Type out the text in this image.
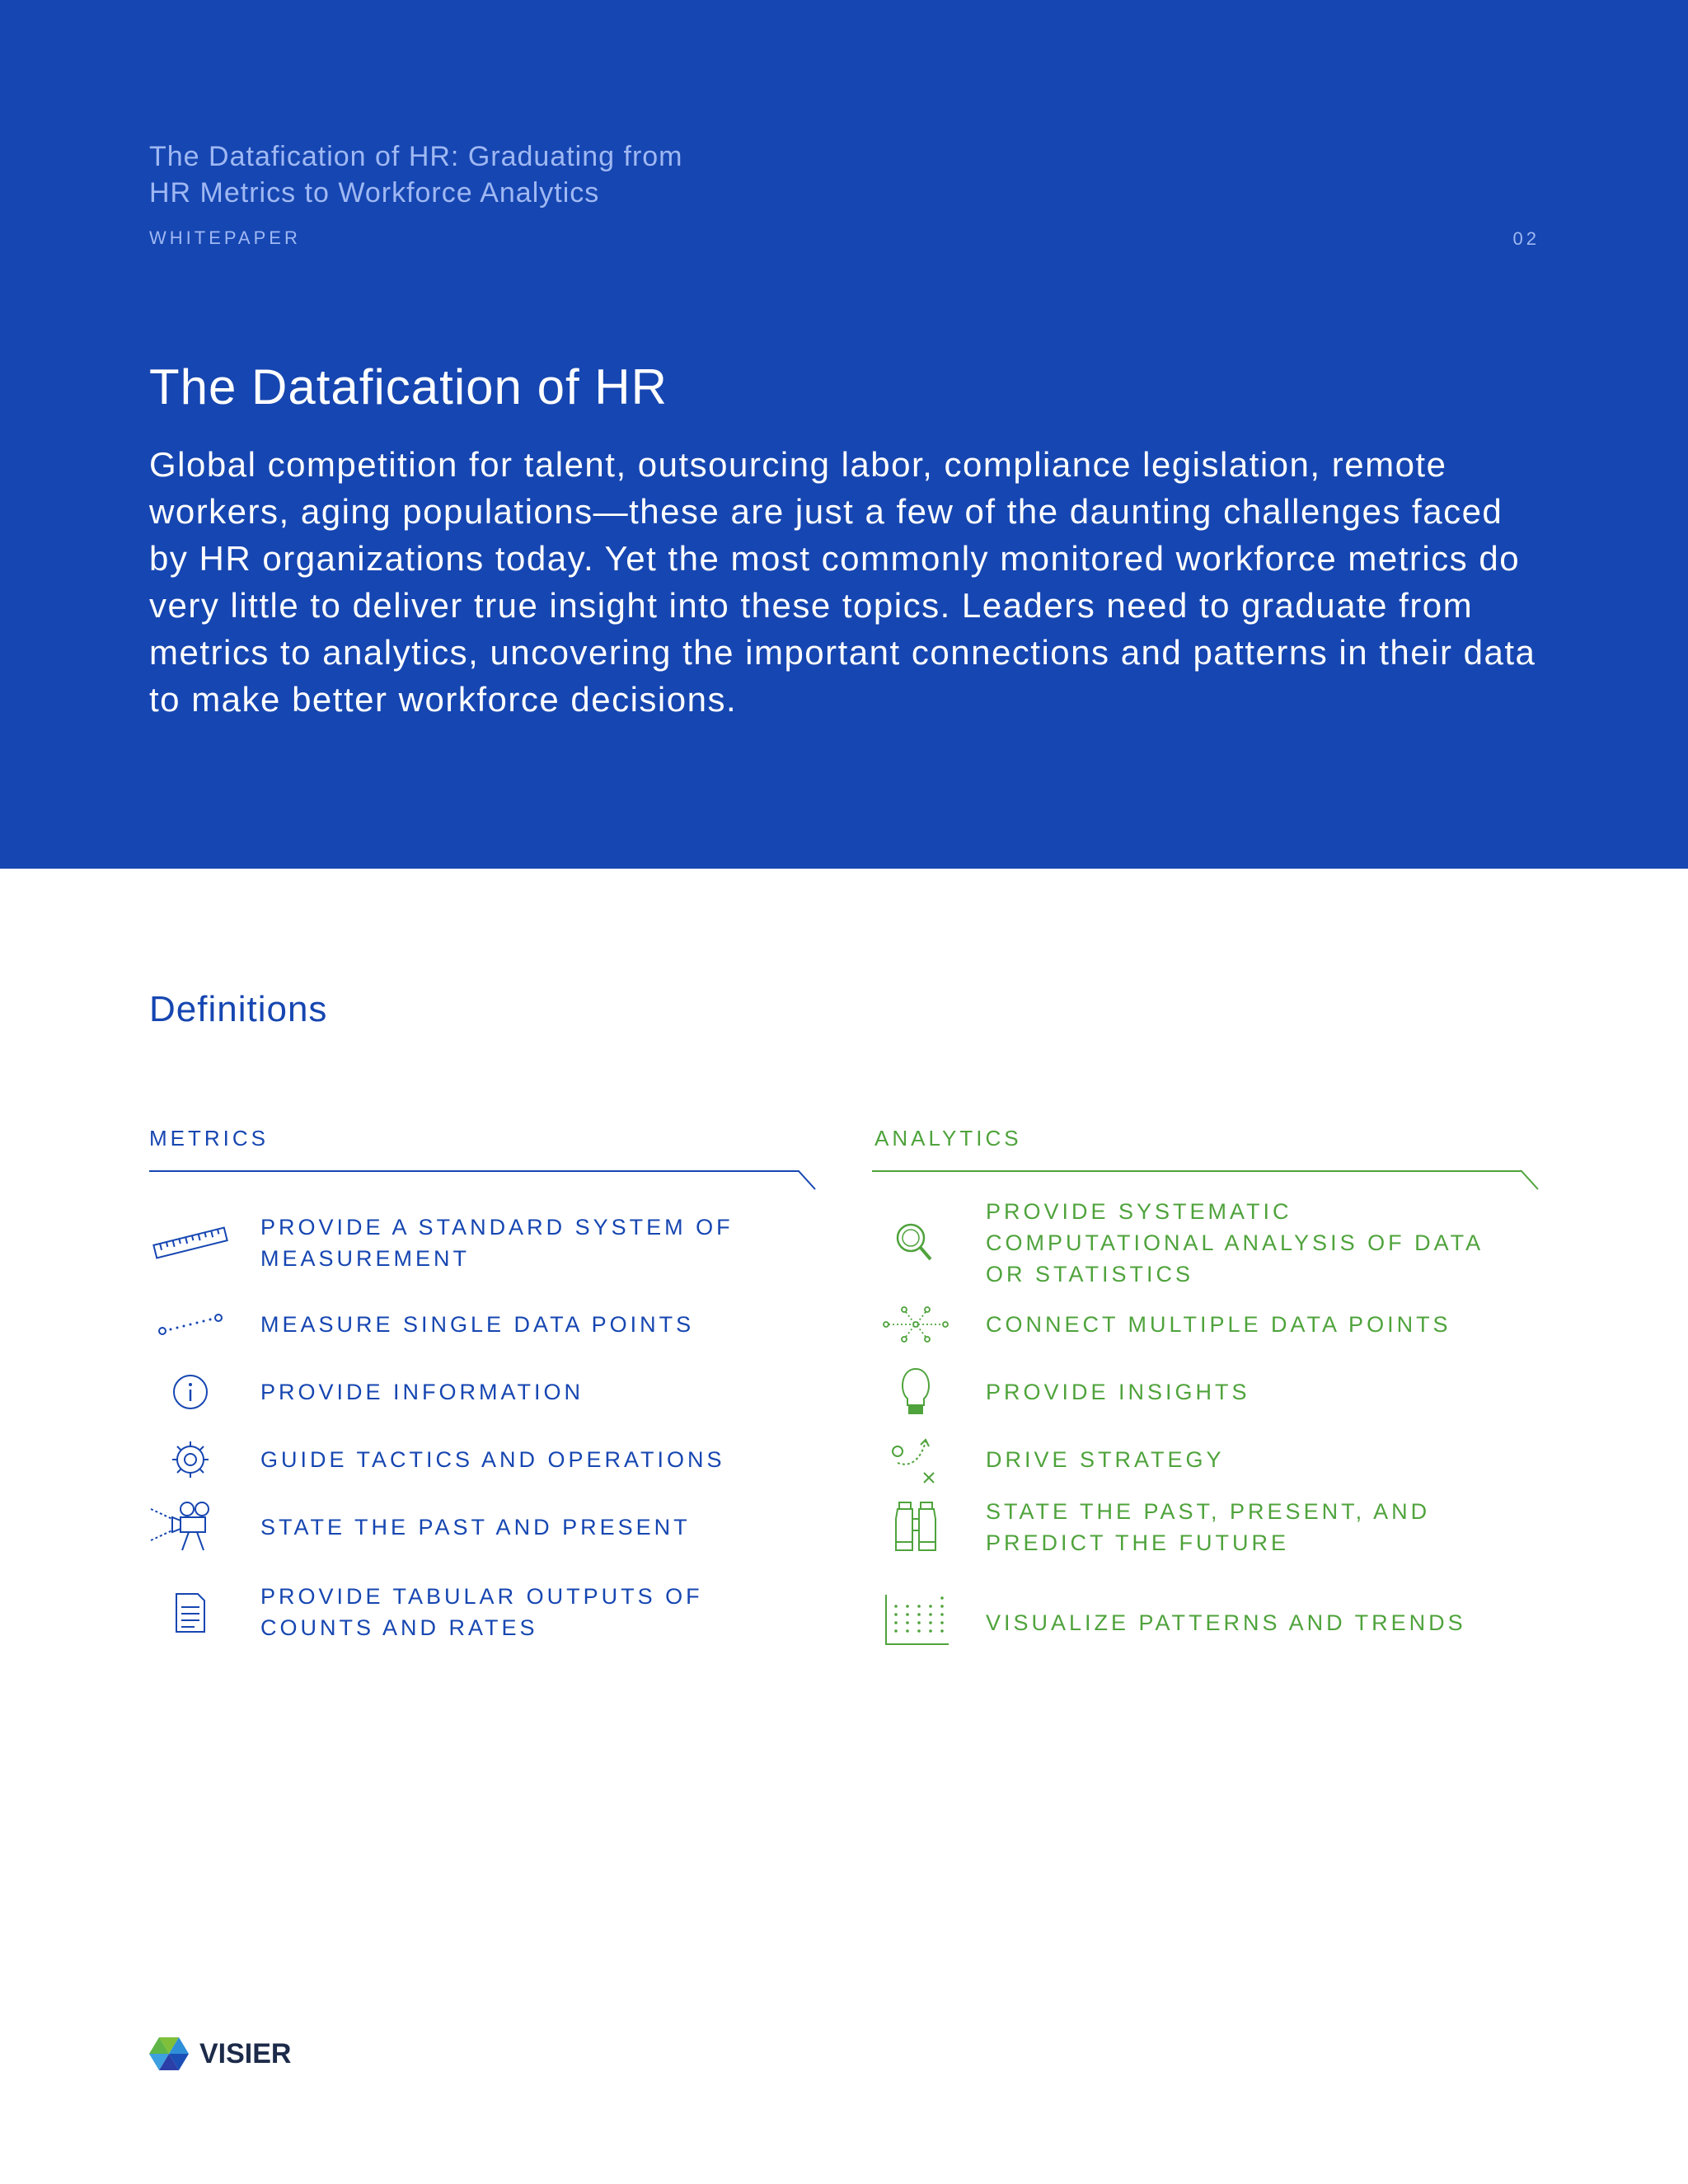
The Datafication of HR: Graduating from
HR Metrics to Workforce Analytics
WHITEPAPER	02
The Datafication of HR

Global competition for talent, outsourcing labor, compliance legislation, remote workers, aging populations—these are just a few of the daunting challenges faced by HR organizations today. Yet the most commonly monitored workforce metrics do very little to deliver true insight into these topics. Leaders need to graduate from metrics to analytics, uncovering the important connections and patterns in their data to make better workforce decisions.

Definitions
METRICS	ANALYTICS
PROVIDE A STANDARD SYSTEM OF MEASUREMENT
MEASURE SINGLE DATA POINTS
PROVIDE INFORMATION
GUIDE TACTICS AND OPERATIONS
STATE THE PAST AND PRESENT
PROVIDE TABULAR OUTPUTS OF COUNTS AND RATES
PROVIDE SYSTEMATIC COMPUTATIONAL ANALYSIS OF DATA OR STATISTICS
CONNECT MULTIPLE DATA POINTS
PROVIDE INSIGHTS
DRIVE STRATEGY
STATE THE PAST, PRESENT, AND PREDICT THE FUTURE
VISUALIZE PATTERNS AND TRENDS
VISIER
